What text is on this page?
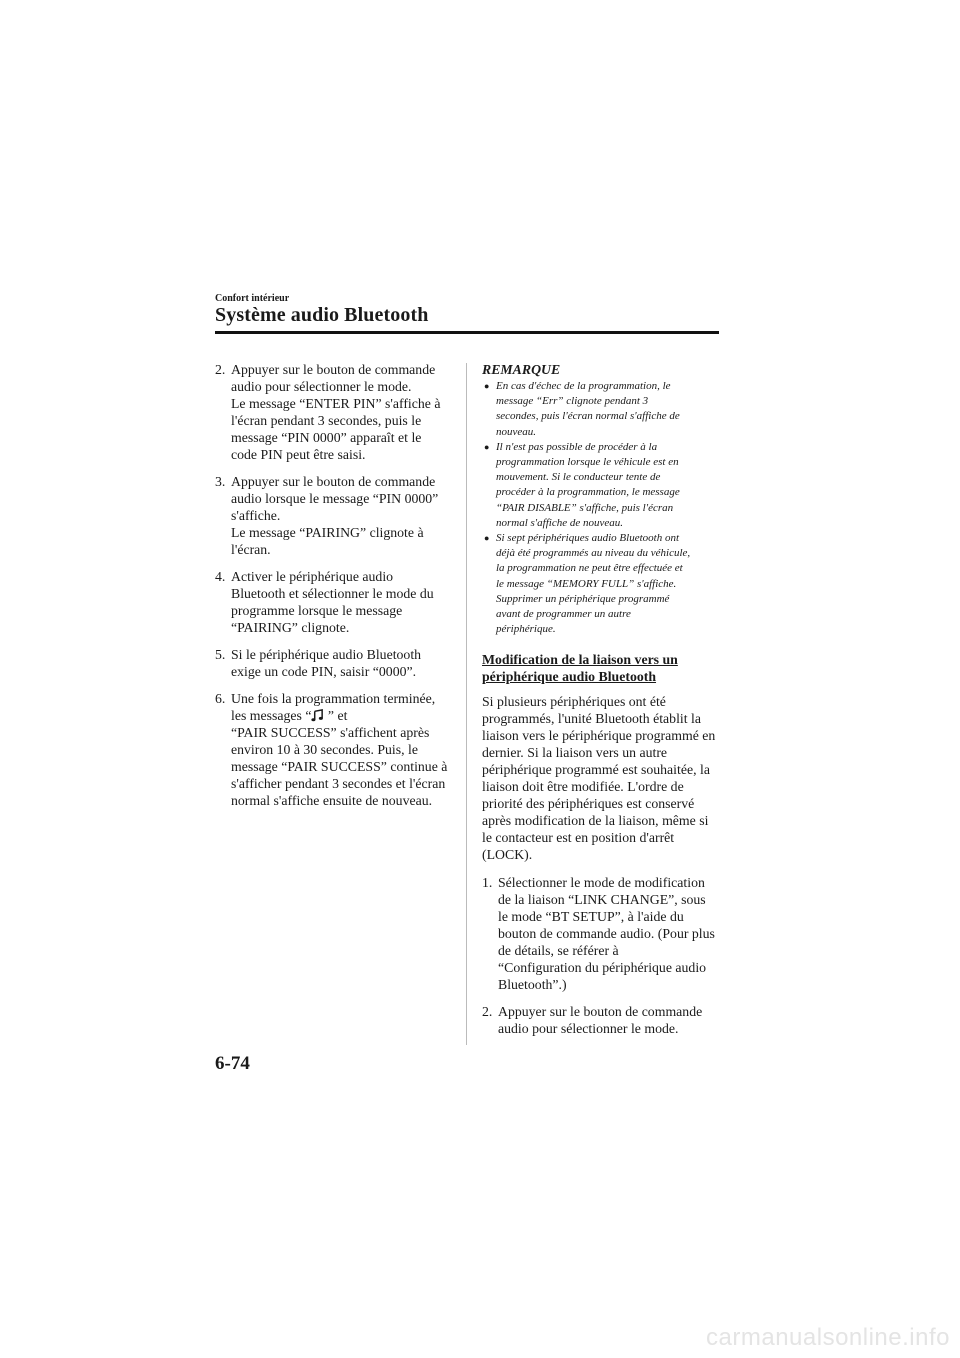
Confort intérieur
Système audio Bluetooth
2. Appuyer sur le bouton de commande
audio pour sélectionner le mode.
Le message “ENTER PIN” s'affiche à
l'écran pendant 3 secondes, puis le
message “PIN 0000” apparaît et le
code PIN peut être saisi.
3. Appuyer sur le bouton de commande
audio lorsque le message “PIN 0000”
s'affiche.
Le message “PAIRING” clignote à
l'écran.
4. Activer le périphérique audio
Bluetooth et sélectionner le mode du
programme lorsque le message
“PAIRING” clignote.
5. Si le périphérique audio Bluetooth
exige un code PIN, saisir “0000”.
6. Une fois la programmation terminée,
les messages “ ” et
“PAIR SUCCESS” s'affichent après
environ 10 à 30 secondes. Puis, le
message “PAIR SUCCESS” continue à
s'afficher pendant 3 secondes et l'écran
normal s'affiche ensuite de nouveau.
REMARQUE
● En cas d'échec de la programmation, le
message “Err” clignote pendant 3
secondes, puis l'écran normal s'affiche de
nouveau.
● Il n'est pas possible de procéder à la
programmation lorsque le véhicule est en
mouvement. Si le conducteur tente de
procéder à la programmation, le message
“PAIR DISABLE” s'affiche, puis l'écran
normal s'affiche de nouveau.
● Si sept périphériques audio Bluetooth ont
déjà été programmés au niveau du véhicule,
la programmation ne peut être effectuée et
le message “MEMORY FULL” s'affiche.
Supprimer un périphérique programmé
avant de programmer un autre
périphérique.
Modification de la liaison vers un
périphérique audio Bluetooth
Si plusieurs périphériques ont été
programmés, l'unité Bluetooth établit la
liaison vers le périphérique programmé en
dernier. Si la liaison vers un autre
périphérique programmé est souhaitée, la
liaison doit être modifiée. L'ordre de
priorité des périphériques est conservé
après modification de la liaison, même si
le contacteur est en position d'arrêt
(LOCK).
1. Sélectionner le mode de modification
de la liaison “LINK CHANGE”, sous
le mode “BT SETUP”, à l'aide du
bouton de commande audio. (Pour plus
de détails, se référer à
“Configuration du périphérique audio
Bluetooth”.)
2. Appuyer sur le bouton de commande
audio pour sélectionner le mode.
6-74
carmanualsonline.info
